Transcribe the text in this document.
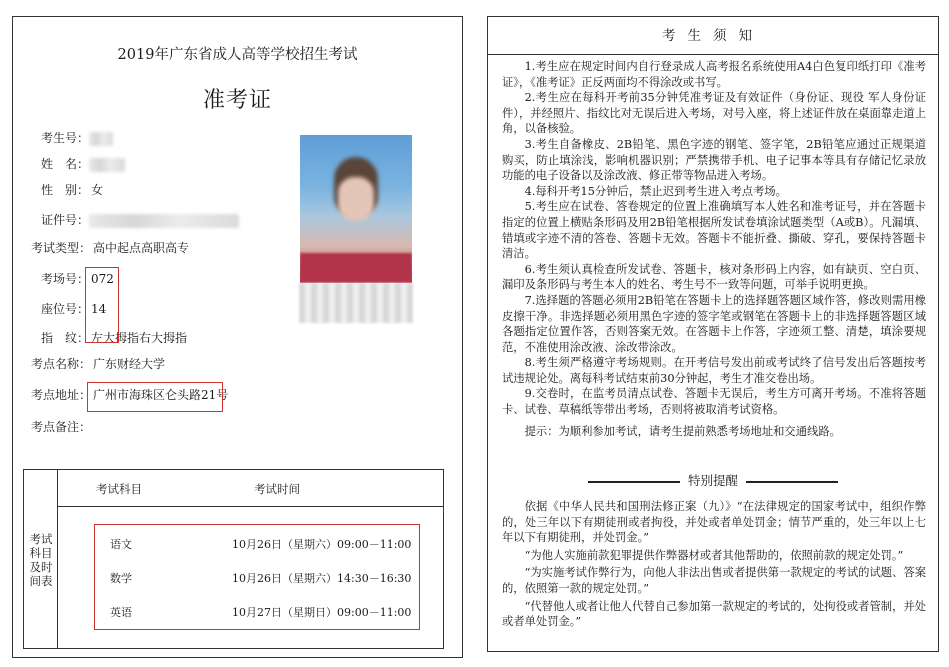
2019年广东省成人高等学校招生考试
准考证
考生号：
姓　名：
性　别： 女
证件号：
考试类型： 高中起点高职高专
考场号： 072
座位号： 14
指　纹： 左大拇指右大拇指
考点名称： 广东财经大学
考点地址： 广州市海珠区仑头路21号
考点备注：
考试科目及时间表
考试科目	考试时间
语文	10月26日（星期六）09:00－11:00
数学	10月26日（星期六）14:30－16:30
英语	10月27日（星期日）09:00－11:00
考生须知

1.考生应在规定时间内自行登录成人高考报名系统使用A4白色复印纸打印《准考证》，《准考证》正反两面均不得涂改或书写。

2.考生应在每科开考前35分钟凭准考证及有效证件（身份证、现役 军人身份证件），并经照片、指纹比对无误后进入考场，对号入座，将上述证件放在桌面靠走道上角，以备核验。

3.考生自备橡皮、2B铅笔、黑色字迹的钢笔、签字笔，2B铅笔应通过正规渠道购买，防止填涂浅，影响机器识别；严禁携带手机、电子记事本等具有存储记忆录放功能的电子设备以及涂改液、修正带等物品进入考场。

4.每科开考15分钟后，禁止迟到考生进入考点考场。

5.考生应在试卷、答卷规定的位置上准确填写本人姓名和准考证号，并在答题卡指定的位置上横贴条形码及用2B铅笔根据所发试卷填涂试题类型（A或B）。凡漏填、错填或字迹不清的答卷、答题卡无效。答题卡不能折叠、撕破、穿孔，要保持答题卡清洁。

6.考生须认真检查所发试卷、答题卡，核对条形码上内容，如有缺页、空白页、漏印及条形码与考生本人的姓名、考生号不一致等问题，可举手说明更换。

7.选择题的答题必须用2B铅笔在答题卡上的选择题答题区域作答，修改则需用橡皮擦干净。非选择题必须用黑色字迹的签字笔或钢笔在答题卡上的非选择题答题区域各题指定位置作答，否则答案无效。在答题卡上作答，字迹须工整、清楚，填涂要规范，不准使用涂改液、涂改带涂改。

8.考生须严格遵守考场规则。在开考信号发出前或考试终了信号发出后答题按考试违规论处。离每科考试结束前30分钟起，考生才准交卷出场。

9.交卷时，在监考员清点试卷、答题卡无误后，考生方可离开考场。不准将答题卡、试卷、草稿纸等带出考场，否则将被取消考试资格。

提示：为顺利参加考试，请考生提前熟悉考场地址和交通线路。

特别提醒

依据《中华人民共和国刑法修正案（九）》“在法律规定的国家考试中，组织作弊的，处三年以下有期徒刑或者拘役，并处或者单处罚金；情节严重的，处三年以上七年以下有期徒刑，并处罚金。”

“为他人实施前款犯罪提供作弊器材或者其他帮助的，依照前款的规定处罚。”

“为实施考试作弊行为，向他人非法出售或者提供第一款规定的考试的试题、答案的，依照第一款的规定处罚。”

“代替他人或者让他人代替自己参加第一款规定的考试的，处拘役或者管制，并处或者单处罚金。”
